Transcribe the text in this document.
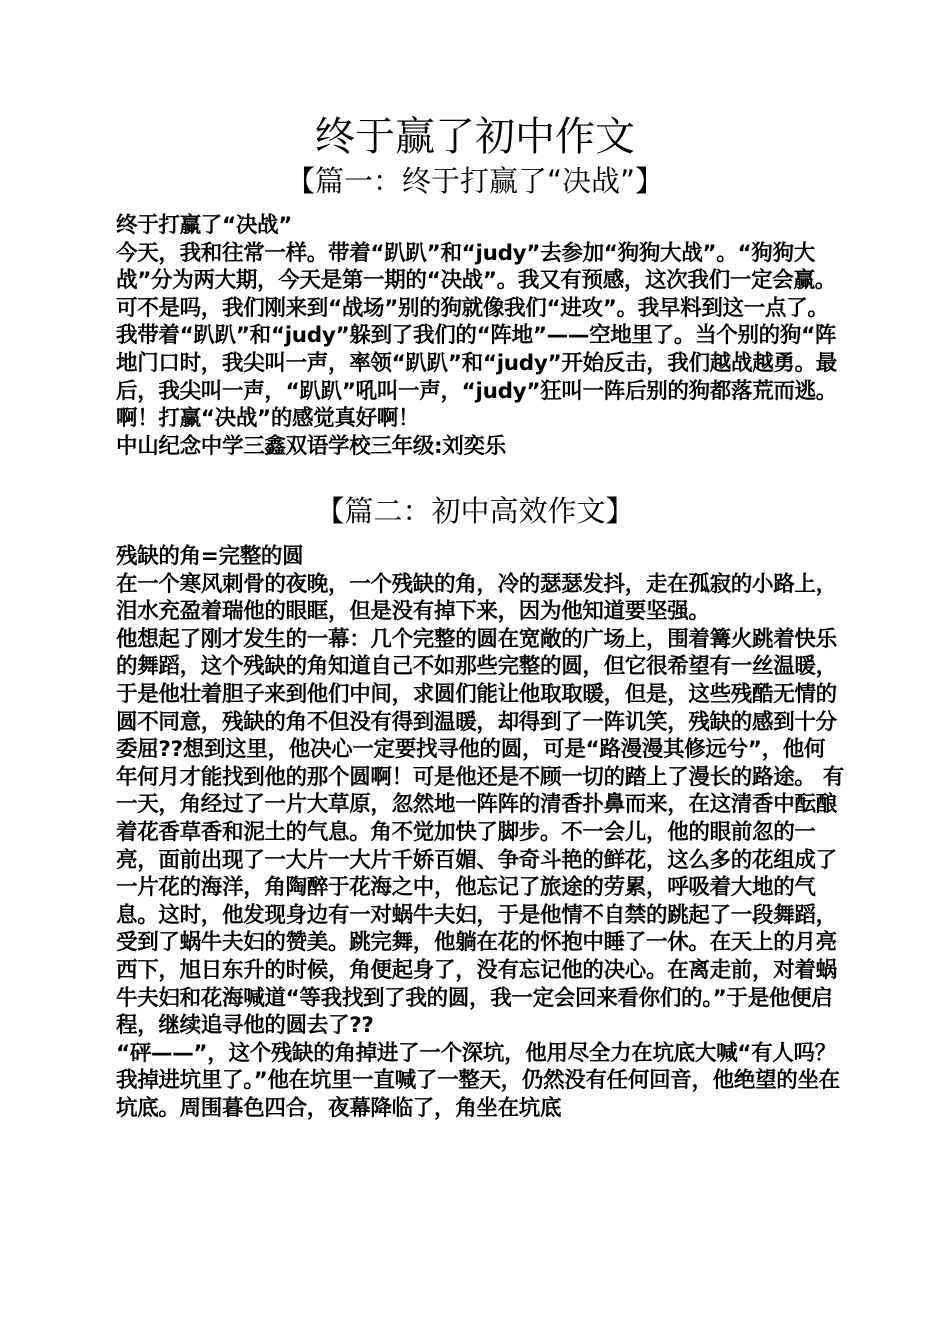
终于赢了初中作文
【篇一：终于打赢了“决战”】

终于打赢了“决战”

今天，我和往常一样。带着“趴趴”和“judy”去参加“狗狗大战”。“狗狗大战”分为两大期，今天是第一期的“决战”。我又有预感，这次我们一定会赢。

可不是吗，我们刚来到“战场”别的狗就像我们“进攻”。我早料到这一点了。我带着“趴趴”和“judy”躲到了我们的“阵地”——空地里了。当个别的狗“阵地门口时，我尖叫一声，率领“趴趴”和“judy”开始反击，我们越战越勇。最后，我尖叫一声，“趴趴”吼叫一声，“judy”狂叫一阵后别的狗都落荒而逃。啊！打赢“决战”的感觉真好啊！

中山纪念中学三鑫双语学校三年级:刘奕乐

【篇二：初中高效作文】

残缺的角=完整的圆

在一个寒风刺骨的夜晚，一个残缺的角，冷的瑟瑟发抖，走在孤寂的小路上，泪水充盈着瑞他的眼眶，但是没有掉下来，因为他知道要坚强。

他想起了刚才发生的一幕：几个完整的圆在宽敞的广场上，围着篝火跳着快乐的舞蹈，这个残缺的角知道自己不如那些完整的圆，但它很希望有一丝温暖，于是他壮着胆子来到他们中间，求圆们能让他取取暖，但是，这些残酷无情的圆不同意，残缺的角不但没有得到温暖，却得到了一阵讥笑，残缺的感到十分委屈??想到这里，他决心一定要找寻他的圆，可是“路漫漫其修远兮”，他何年何月才能找到他的那个圆啊！可是他还是不顾一切的踏上了漫长的路途。 有一天，角经过了一片大草原，忽然地一阵阵的清香扑鼻而来，在这清香中酝酿着花香草香和泥土的气息。角不觉加快了脚步。不一会儿，他的眼前忽的一亮，面前出现了一大片一大片千娇百媚、争奇斗艳的鲜花，这么多的花组成了一片花的海洋，角陶醉于花海之中，他忘记了旅途的劳累，呼吸着大地的气息。这时，他发现身边有一对蜗牛夫妇，于是他情不自禁的跳起了一段舞蹈，受到了蜗牛夫妇的赞美。跳完舞，他躺在花的怀抱中睡了一休。在天上的月亮西下，旭日东升的时候，角便起身了，没有忘记他的决心。在离走前，对着蜗牛夫妇和花海喊道“等我找到了我的圆，我一定会回来看你们的。”于是他便启程，继续追寻他的圆去了??

“砰——”，这个残缺的角掉进了一个深坑，他用尽全力在坑底大喊“有人吗？我掉进坑里了。”他在坑里一直喊了一整天，仍然没有任何回音，他绝望的坐在坑底。周围暮色四合，夜幕降临了，角坐在坑底
